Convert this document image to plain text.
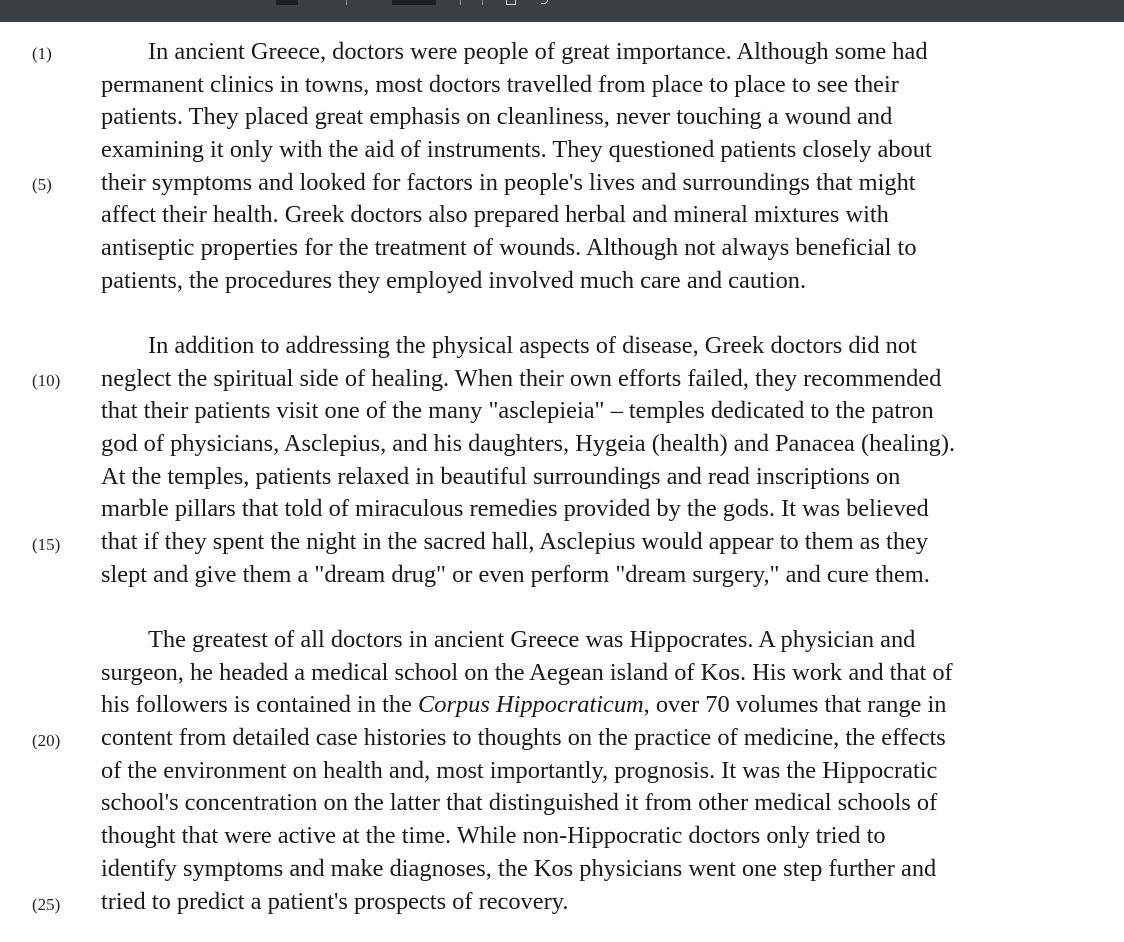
(1)
(5)
(10)
(15)
(20)
(25)
In ancient Greece, doctors were people of great importance. Although some had
permanent clinics in towns, most doctors travelled from place to place to see their
patients. They placed great emphasis on cleanliness, never touching a wound and
examining it only with the aid of instruments. They questioned patients closely about
their symptoms and looked for factors in people's lives and surroundings that might
affect their health. Greek doctors also prepared herbal and mineral mixtures with
antiseptic properties for the treatment of wounds. Although not always beneficial to
patients, the procedures they employed involved much care and caution.
In addition to addressing the physical aspects of disease, Greek doctors did not
neglect the spiritual side of healing. When their own efforts failed, they recommended
that their patients visit one of the many "asclepieia" – temples dedicated to the patron
god of physicians, Asclepius, and his daughters, Hygeia (health) and Panacea (healing).
At the temples, patients relaxed in beautiful surroundings and read inscriptions on
marble pillars that told of miraculous remedies provided by the gods. It was believed
that if they spent the night in the sacred hall, Asclepius would appear to them as they
slept and give them a "dream drug" or even perform "dream surgery," and cure them.
The greatest of all doctors in ancient Greece was Hippocrates. A physician and
surgeon, he headed a medical school on the Aegean island of Kos. His work and that of
his followers is contained in the Corpus Hippocraticum, over 70 volumes that range in
content from detailed case histories to thoughts on the practice of medicine, the effects
of the environment on health and, most importantly, prognosis. It was the Hippocratic
school's concentration on the latter that distinguished it from other medical schools of
thought that were active at the time. While non-Hippocratic doctors only tried to
identify symptoms and make diagnoses, the Kos physicians went one step further and
tried to predict a patient's prospects of recovery.
